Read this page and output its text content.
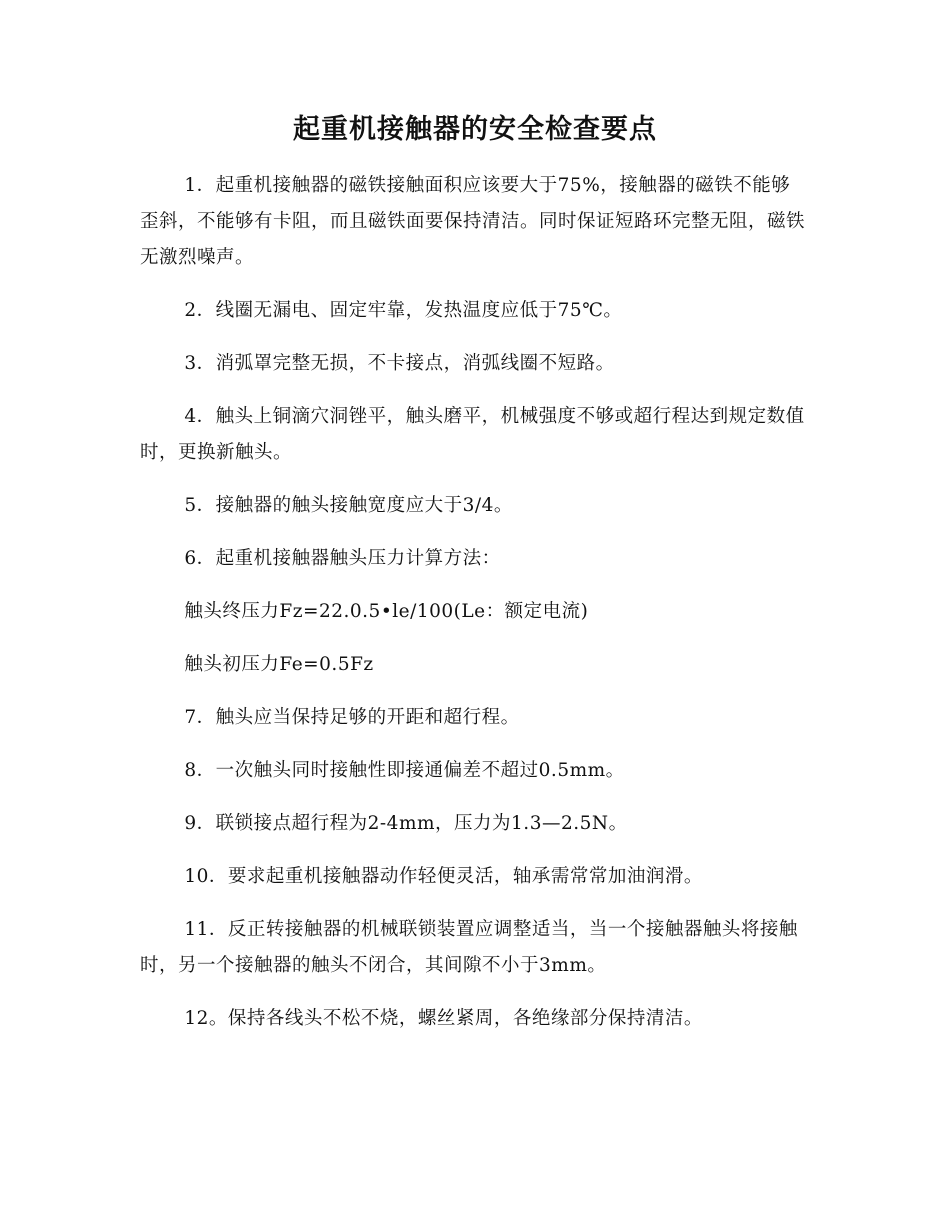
起重机接触器的安全检查要点

1．起重机接触器的磁铁接触面积应该要大于75%，接触器的磁铁不能够歪斜，不能够有卡阻，而且磁铁面要保持清洁。同时保证短路环完整无阻，磁铁无激烈噪声。

2．线圈无漏电、固定牢靠，发热温度应低于75℃。

3．消弧罩完整无损，不卡接点，消弧线圈不短路。

4．触头上铜滴穴洞锉平，触头磨平，机械强度不够或超行程达到规定数值时，更换新触头。

5．接触器的触头接触宽度应大于3/4。

6．起重机接触器触头压力计算方法：

触头终压力Fz=22.0.5•le/100(Le：额定电流)

触头初压力Fe=0.5Fz

7．触头应当保持足够的开距和超行程。

8．一次触头同时接触性即接通偏差不超过0.5mm。

9．联锁接点超行程为2-4mm，压力为1.3—2.5N。

10．要求起重机接触器动作轻便灵活，轴承需常常加油润滑。

11．反正转接触器的机械联锁装置应调整适当，当一个接触器触头将接触时，另一个接触器的触头不闭合，其间隙不小于3mm。

12。保持各线头不松不烧，螺丝紧周，各绝缘部分保持清洁。
